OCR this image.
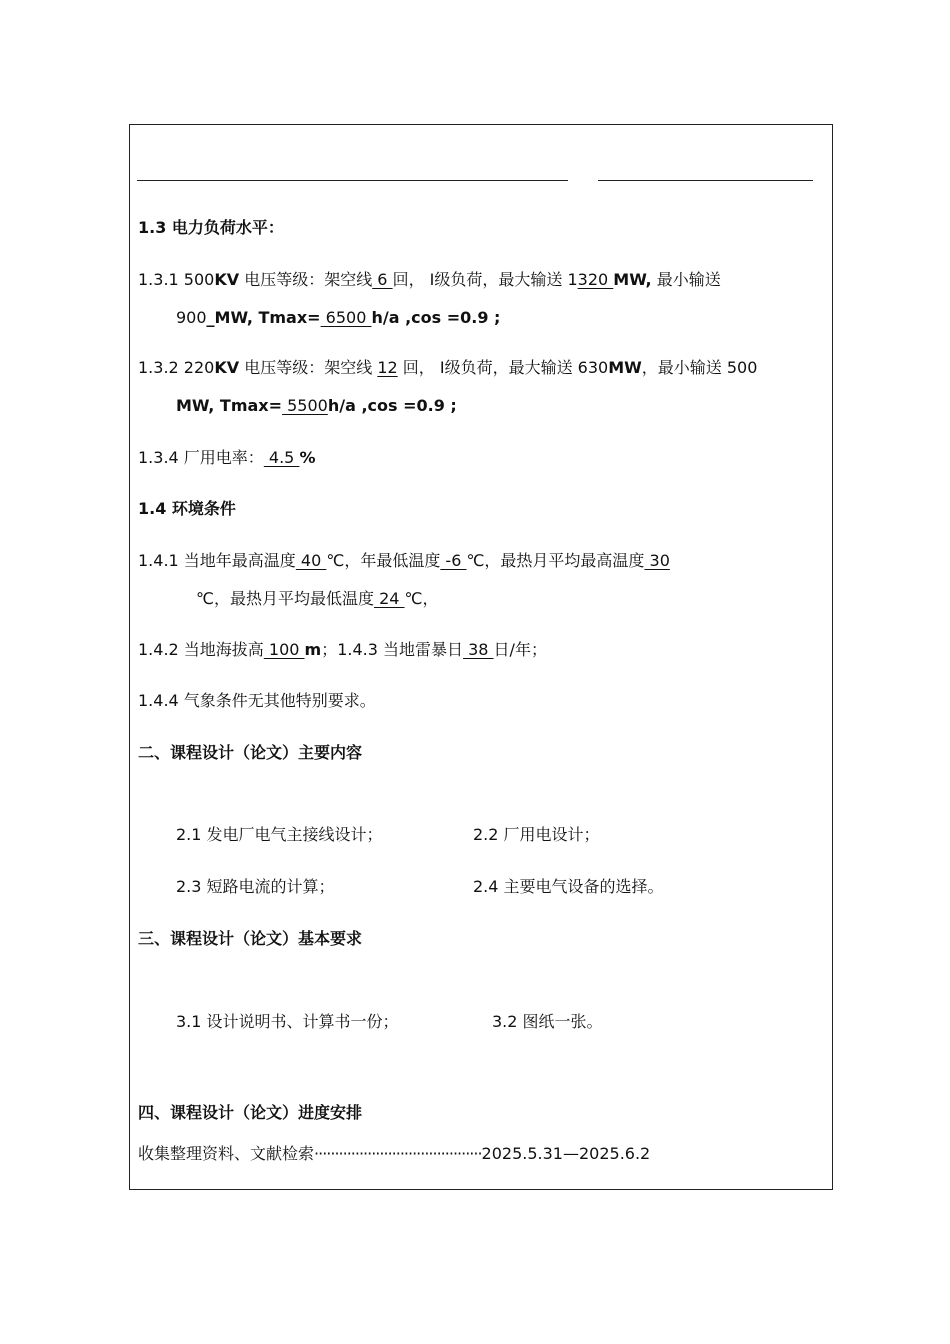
1.3 电力负荷水平：
1.3.1 500KV 电压等级：架空线 6 回， Ⅰ级负荷，最大输送 1320 MW, 最小输送
900_MW, Tmax= 6500 h/a ,cos =0.9 ;
1.3.2 220KV 电压等级：架空线 12 回， Ⅰ级负荷，最大输送 630MW，最小输送 500
MW, Tmax= 5500h/a ,cos =0.9 ;
1.3.4 厂用电率： 4.5 %
1.4 环境条件
1.4.1 当地年最高温度 40 ℃，年最低温度 -6 ℃，最热月平均最高温度 30
℃，最热月平均最低温度 24 ℃，
1.4.2 当地海拔高 100 m；1.4.3 当地雷暴日 38 日/年；
1.4.4 气象条件无其他特别要求。
二、课程设计（论文）主要内容
2.1 发电厂电气主接线设计；	2.2 厂用电设计；
2.3 短路电流的计算；	2.4 主要电气设备的选择。
三、课程设计（论文）基本要求
3.1 设计说明书、计算书一份；	3.2 图纸一张。
四、课程设计（论文）进度安排
收集整理资料、文献检索·········································2025.5.31—2025.6.2
